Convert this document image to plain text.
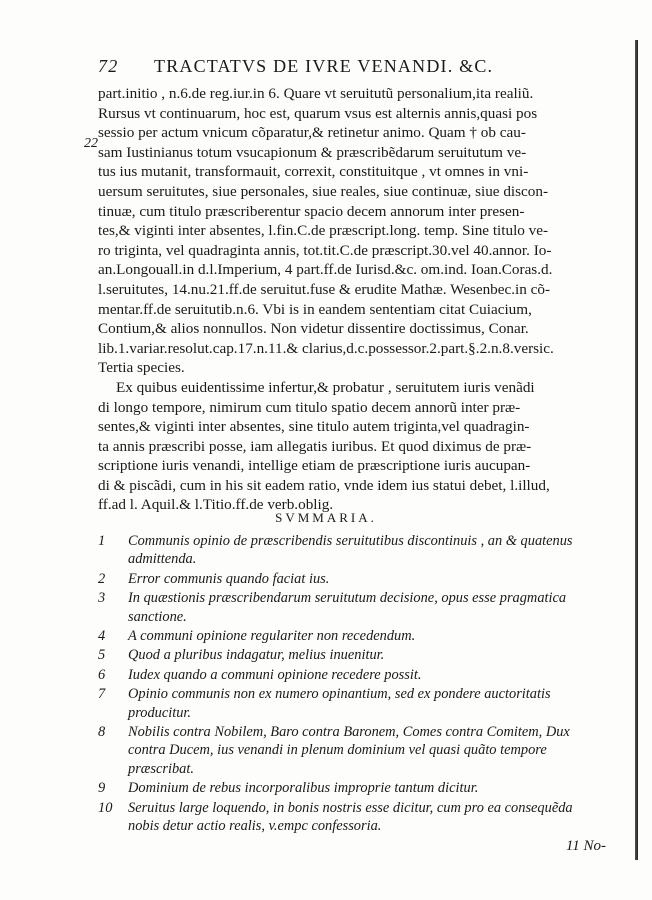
72	TRACTATVS DE IVRE VENANDI. &C.
22

part.initio , n.6.de reg.iur.in 6. Quare vt seruitutũ personalium,ita realiũ.

Rursus vt continuarum, hoc est, quarum vsus est alternis annis,quasi pos

sessio per actum vnicum cõparatur,& retinetur animo. Quam † ob cau-

sam Iustinianus totum vsucapionum & præscribẽdarum seruitutum ve-

tus ius mutanit, transformauit, correxit, constituitque , vt omnes in vni-

uersum seruitutes, siue personales, siue reales, siue continuæ, siue discon-

tinuæ, cum titulo præscriberentur spacio decem annorum inter presen-

tes,& viginti inter absentes, l.fin.C.de præscript.long. temp. Sine titulo ve-

ro triginta, vel quadraginta annis, tot.tit.C.de præscript.30.vel 40.annor. Io-

an.Longouall.in d.l.Imperium, 4 part.ff.de Iurisd.&c. om.ind. Ioan.Coras.d.

l.seruitutes, 14.nu.21.ff.de seruitut.fuse & erudite Mathæ. Wesenbec.in cõ-

mentar.ff.de seruitutib.n.6. Vbi is in eandem sententiam citat Cuiacium,

Contium,& alios nonnullos. Non videtur dissentire doctissimus, Conar.

lib.1.variar.resolut.cap.17.n.11.& clarius,d.c.possessor.2.part.§.2.n.8.versic.

Tertia species.

Ex quibus euidentissime infertur,& probatur , seruitutem iuris venãdi

di longo tempore, nimirum cum titulo spatio decem annorũ inter præ-

sentes,& viginti inter absentes, sine titulo autem triginta,vel quadragin-

ta annis præscribi posse, iam allegatis iuribus. Et quod diximus de præ-

scriptione iuris venandi, intellige etiam de præscriptione iuris aucupan-

di & piscãdi, cum in his sit eadem ratio, vnde idem ius statui debet, l.illud,

ff.ad l. Aquil.& l.Titio.ff.de verb.oblig.

SVMMARIA.
1	Communis opinio de præscribendis seruitutibus discontinuis , an & quatenus admittenda.
2	Error communis quando faciat ius.
3	In quæstionis præscribendarum seruitutum decisione, opus esse pragmatica sanctione.
4	A communi opinione regulariter non recedendum.
5	Quod a pluribus indagatur, melius inuenitur.
6	Iudex quando a communi opinione recedere possit.
7	Opinio communis non ex numero opinantium, sed ex pondere auctoritatis producitur.
8	Nobilis contra Nobilem, Baro contra Baronem, Comes contra Comitem, Dux contra Ducem, ius venandi in plenum dominium vel quasi quãto tempore præscribat.
9	Dominium de rebus incorporalibus improprie tantum dicitur.
10	Seruitus large loquendo, in bonis nostris esse dicitur, cum pro ea consequẽda nobis detur actio realis, v.empc confessoria.
11 No-
